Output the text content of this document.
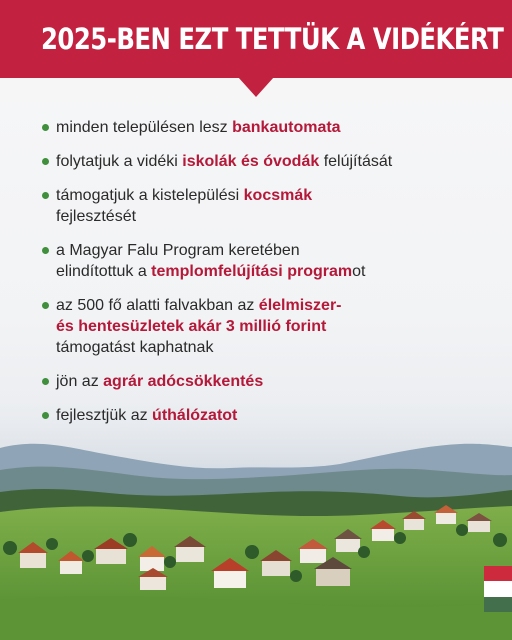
2025-BEN EZT TETTÜK A VIDÉKÉRT
minden településen lesz bankautomata
folytatjuk a vidéki iskolák és óvodák felújítását
támogatjuk a kistelepülési kocsmák
fejlesztését
a Magyar Falu Program keretében
elindítottuk a templomfelújítási programot
az 500 fő alatti falvakban az élelmiszer-
és hentesüzletek akár 3 millió forint
támogatást kaphatnak
jön az agrár adócsökkentés
fejlesztjük az úthálózatot
